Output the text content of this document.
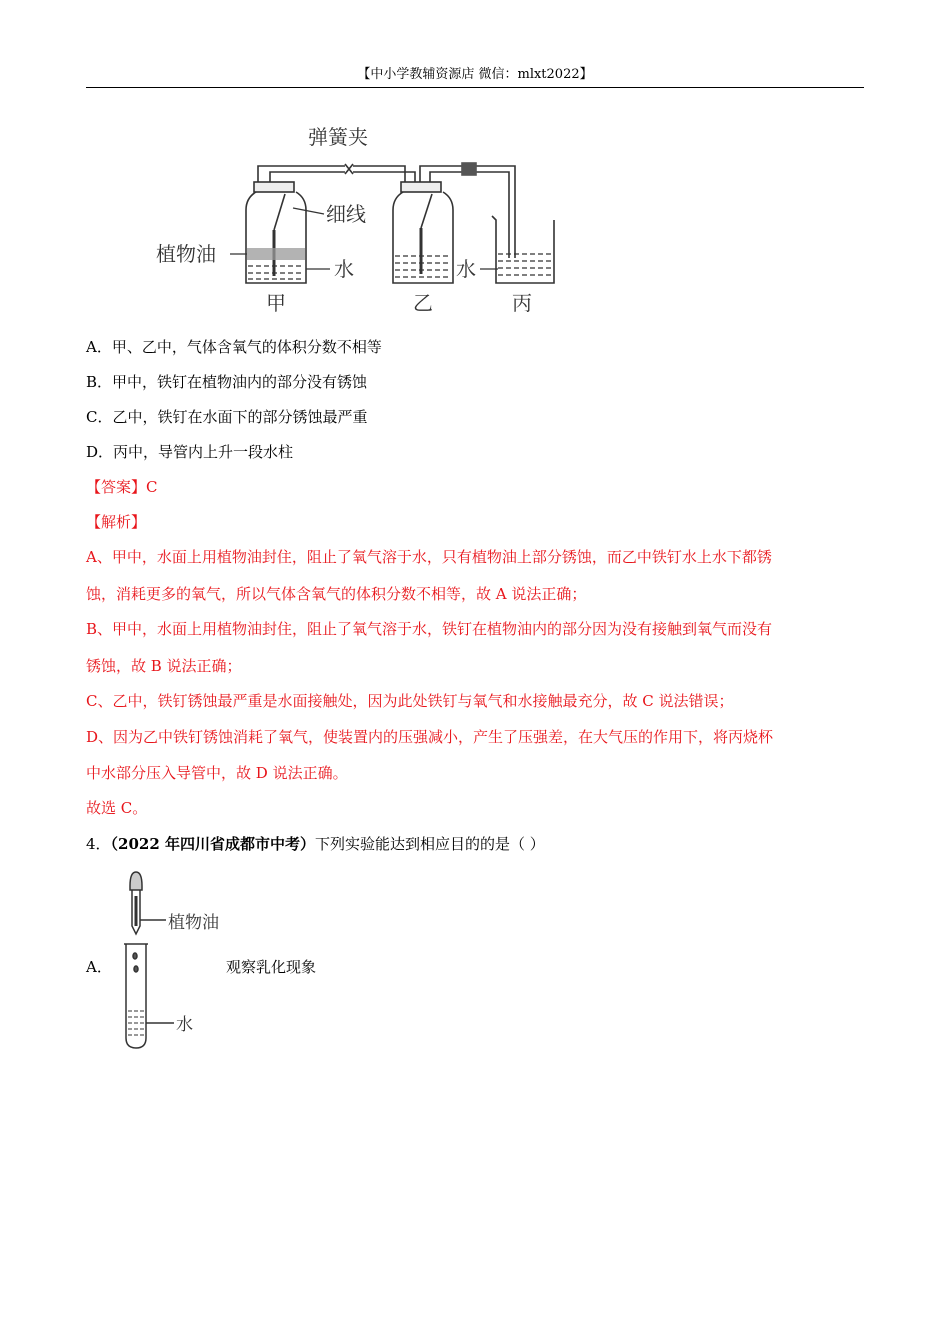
【中小学教辅资源店 微信：mlxt2022】
弹簧夹
细线
植物油
水	水
甲	乙	丙
A．甲、乙中，气体含氧气的体积分数不相等
B．甲中，铁钉在植物油内的部分没有锈蚀
C．乙中，铁钉在水面下的部分锈蚀最严重
D．丙中，导管内上升一段水柱
【答案】C
【解析】
A、甲中，水面上用植物油封住，阻止了氧气溶于水，只有植物油上部分锈蚀，而乙中铁钉水上水下都锈
蚀，消耗更多的氧气，所以气体含氧气的体积分数不相等，故 A 说法正确；
B、甲中，水面上用植物油封住，阻止了氧气溶于水，铁钉在植物油内的部分因为没有接触到氧气而没有
锈蚀，故 B 说法正确；
C、乙中，铁钉锈蚀最严重是水面接触处，因为此处铁钉与氧气和水接触最充分，故 C 说法错误；
D、因为乙中铁钉锈蚀消耗了氧气，使装置内的压强减小，产生了压强差，在大气压的作用下，将丙烧杯
中水部分压入导管中，故 D 说法正确。
故选 C。
4．（2022 年四川省成都市中考）下列实验能达到相应目的的是（ ）
A．	观察乳化现象
植物油
水
